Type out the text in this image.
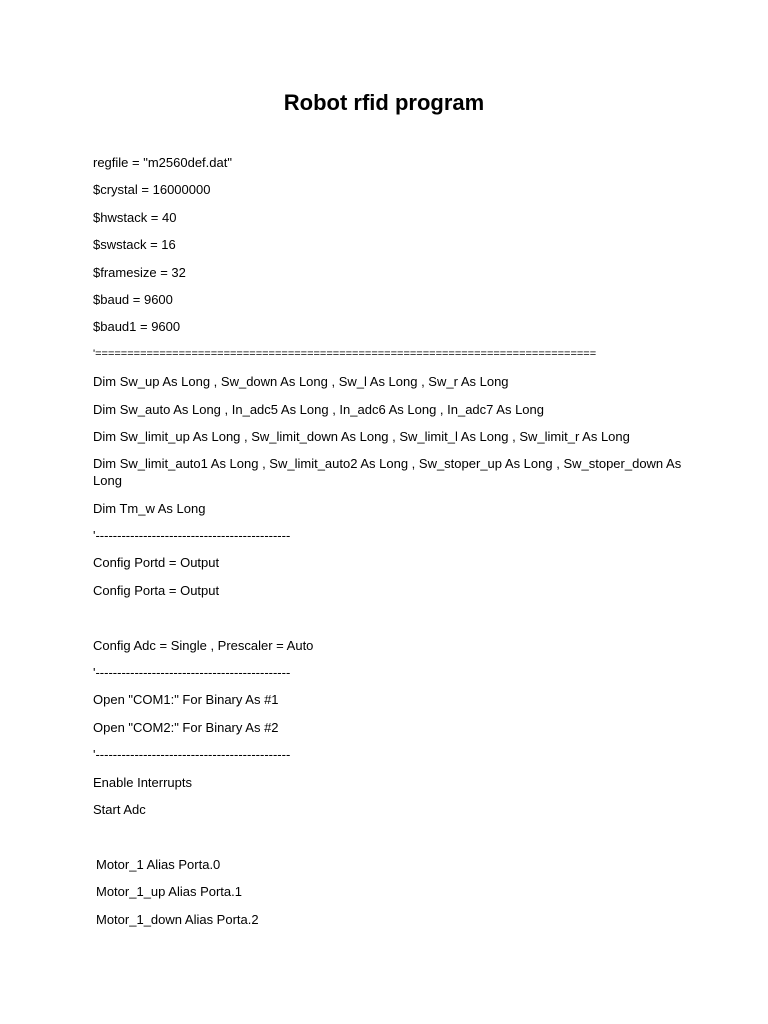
Robot rfid program

regfile = "m2560def.dat"

$crystal = 16000000

$hwstack = 40

$swstack = 16

$framesize = 32

$baud = 9600

$baud1 = 9600

'==============================================================================

Dim Sw_up As Long , Sw_down As Long , Sw_l As Long , Sw_r As Long

Dim Sw_auto As Long , In_adc5 As Long , In_adc6 As Long , In_adc7 As Long

Dim Sw_limit_up As Long , Sw_limit_down As Long , Sw_limit_l As Long , Sw_limit_r As Long

Dim Sw_limit_auto1 As Long , Sw_limit_auto2 As Long , Sw_stoper_up As Long , Sw_stoper_down As Long

Dim Tm_w As Long

'---------------------------------------------

Config Portd = Output

Config Porta = Output

Config Adc = Single , Prescaler = Auto

'---------------------------------------------

Open "COM1:" For Binary As #1

Open "COM2:" For Binary As #2

'---------------------------------------------

Enable Interrupts

Start Adc

Motor_1 Alias Porta.0

Motor_1_up Alias Porta.1

Motor_1_down Alias Porta.2
